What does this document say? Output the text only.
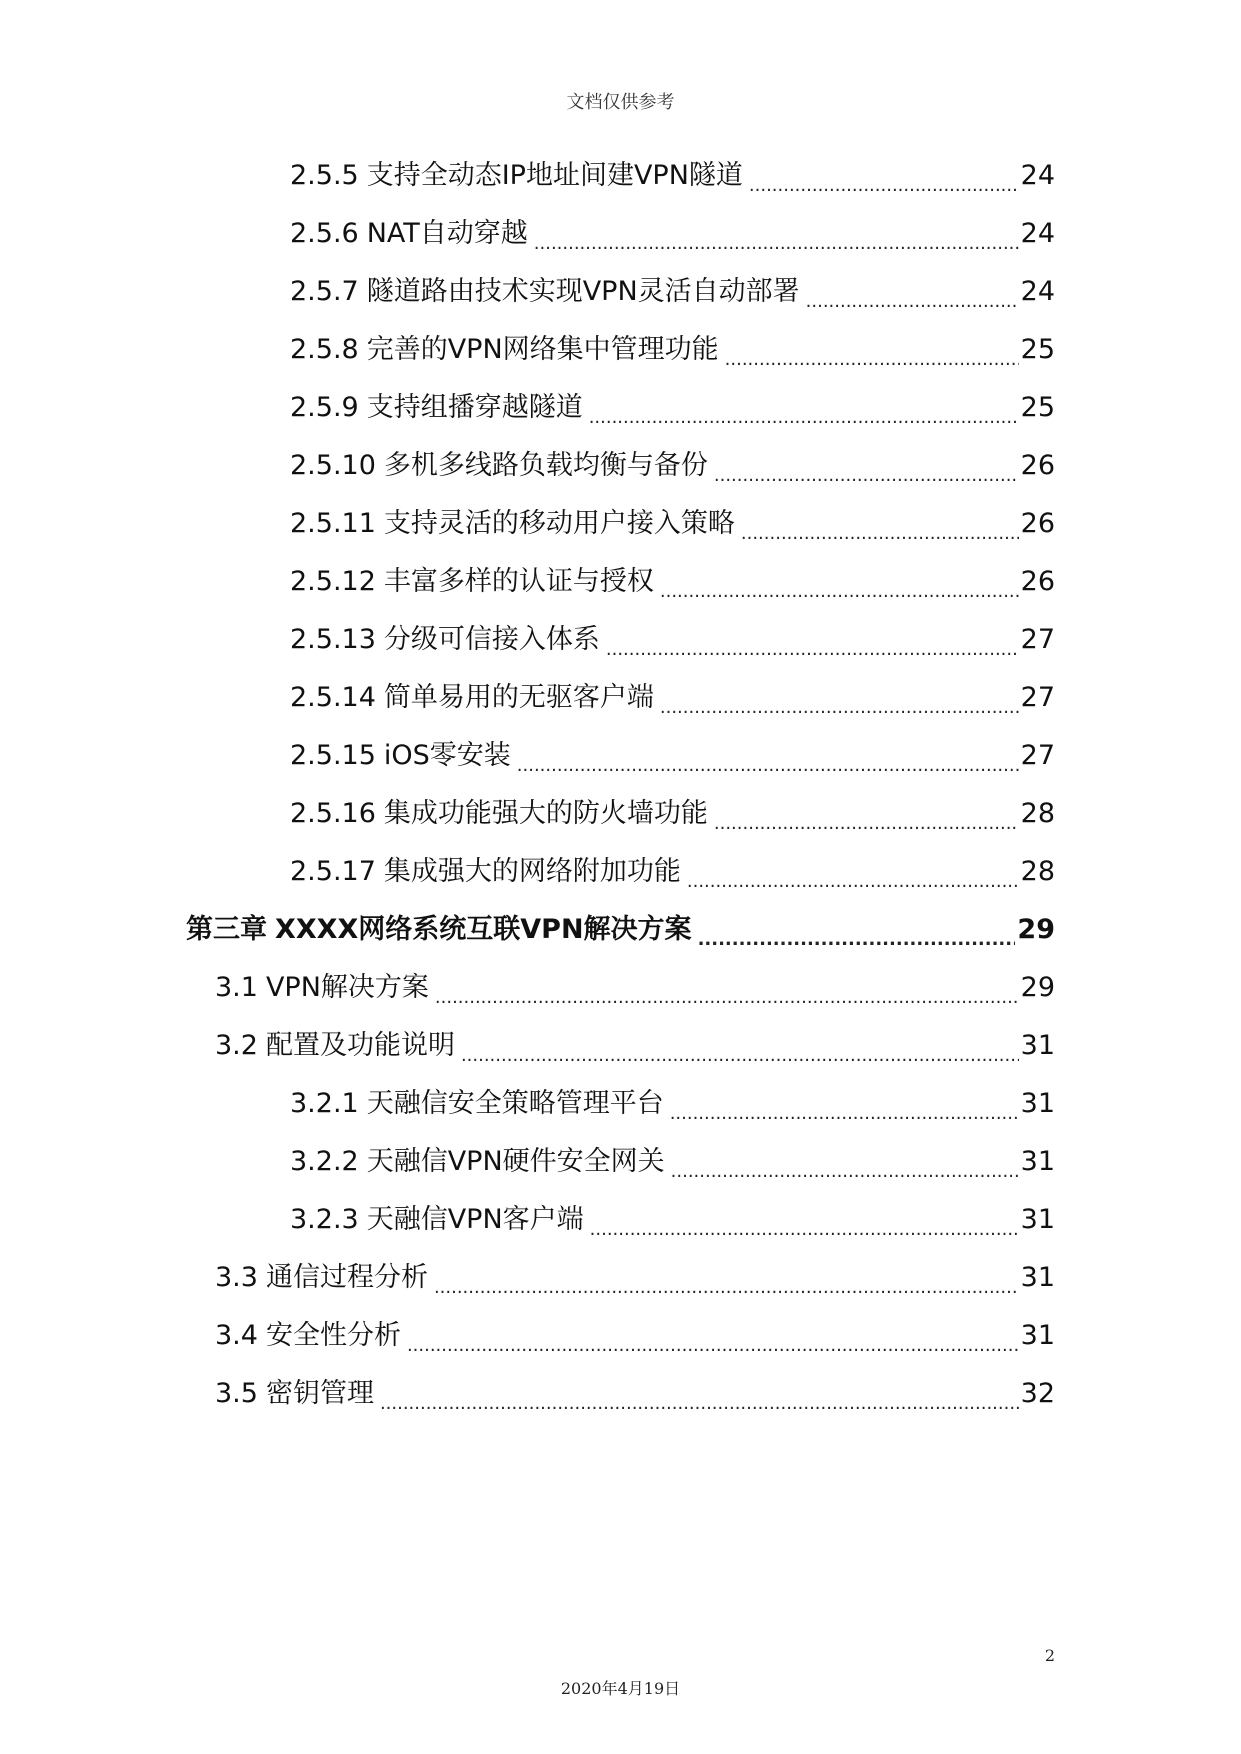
文档仅供参考
2.5.5 支持全动态IP地址间建VPN隧道 .....	24
2.5.6 NAT自动穿越 .....	24
2.5.7 隧道路由技术实现VPN灵活自动部署 .....	24
2.5.8 完善的VPN网络集中管理功能 .....	25
2.5.9 支持组播穿越隧道 .....	25
2.5.10 多机多线路负载均衡与备份 .....	26
2.5.11 支持灵活的移动用户接入策略 .....	26
2.5.12 丰富多样的认证与授权 .....	26
2.5.13 分级可信接入体系 .....	27
2.5.14 简单易用的无驱客户端 .....	27
2.5.15 iOS零安装 .....	27
2.5.16 集成功能强大的防火墙功能 .....	28
2.5.17 集成强大的网络附加功能 .....	28
第三章 XXXX网络系统互联VPN解决方案 .....	29
3.1 VPN解决方案 .....	29
3.2 配置及功能说明 .....	31
3.2.1 天融信安全策略管理平台 .....	31
3.2.2 天融信VPN硬件安全网关 .....	31
3.2.3 天融信VPN客户端 .....	31
3.3 通信过程分析 .....	31
3.4 安全性分析 .....	31
3.5 密钥管理 .....	32
2
2020年4月19日
